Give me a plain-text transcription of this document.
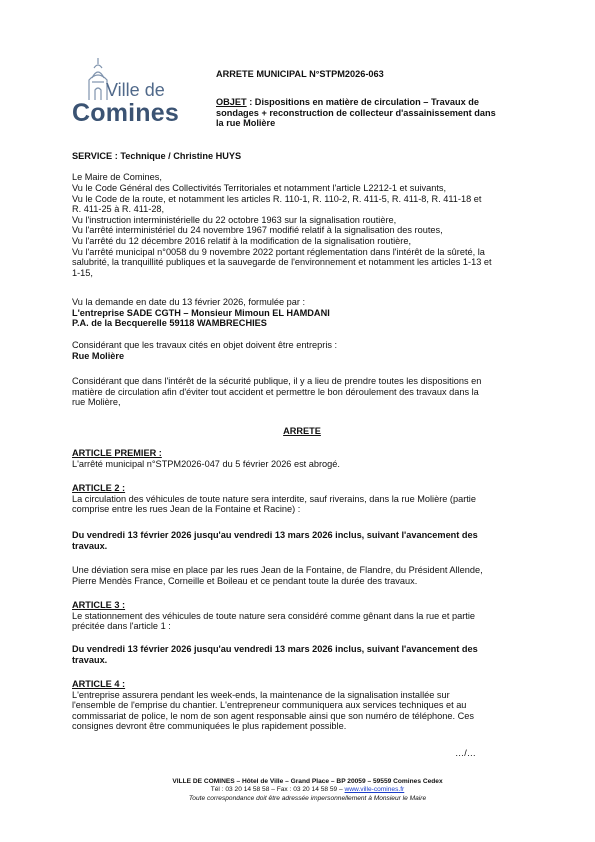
Ville de
Comines
ARRETE MUNICIPAL N°STPM2026-063
OBJET : Dispositions en matière de circulation – Travaux de
sondages + reconstruction de collecteur d'assainissement dans
la rue Molière
SERVICE : Technique / Christine HUYS
Le Maire de Comines,
Vu le Code Général des Collectivités Territoriales et notamment l'article L2212-1 et suivants,
Vu le Code de la route, et notamment les articles R. 110-1, R. 110-2, R. 411-5, R. 411-8, R. 411-18 et
R. 411-25 à R. 411-28,
Vu l'instruction interministérielle du 22 octobre 1963 sur la signalisation routière,
Vu l'arrêté interministériel du 24 novembre 1967 modifié relatif à la signalisation des routes,
Vu l'arrêté du 12 décembre 2016 relatif à la modification de la signalisation routière,
Vu l'arrêté municipal n°0058 du 9 novembre 2022 portant réglementation dans l'intérêt de la sûreté, la
salubrité, la tranquillité publiques et la sauvegarde de l'environnement et notamment les articles 1-13 et
1-15,
Vu la demande en date du 13 février 2026, formulée par :
L'entreprise SADE CGTH – Monsieur Mimoun EL HAMDANI
P.A. de la Becquerelle 59118 WAMBRECHIES
Considérant que les travaux cités en objet doivent être entrepris :
Rue Molière
Considérant que dans l'intérêt de la sécurité publique, il y a lieu de prendre toutes les dispositions en
matière de circulation afin d'éviter tout accident et permettre le bon déroulement des travaux dans la
rue Molière,
ARRETE
ARTICLE PREMIER :
L'arrêté municipal n°STPM2026-047 du 5 février 2026 est abrogé.
ARTICLE 2 :
La circulation des véhicules de toute nature sera interdite, sauf riverains, dans la rue Molière (partie
comprise entre les rues Jean de la Fontaine et Racine) :
Du vendredi 13 février 2026 jusqu'au vendredi 13 mars 2026 inclus, suivant l'avancement des
travaux.
Une déviation sera mise en place par les rues Jean de la Fontaine, de Flandre, du Président Allende,
Pierre Mendès France, Corneille et Boileau et ce pendant toute la durée des travaux.
ARTICLE 3 :
Le stationnement des véhicules de toute nature sera considéré comme gênant dans la rue et partie
précitée dans l'article 1 :
Du vendredi 13 février 2026 jusqu'au vendredi 13 mars 2026 inclus, suivant l'avancement des
travaux.
ARTICLE 4 :
L'entreprise assurera pendant les week-ends, la maintenance de la signalisation installée sur
l'ensemble de l'emprise du chantier. L'entrepreneur communiquera aux services techniques et au
commissariat de police, le nom de son agent responsable ainsi que son numéro de téléphone. Ces
consignes devront être communiquées le plus rapidement possible.
…/…
VILLE DE COMINES – Hôtel de Ville – Grand Place – BP 20059 – 59559 Comines Cedex
Tél : 03 20 14 58 58 – Fax : 03 20 14 58 59 – www.ville-comines.fr
Toute correspondance doit être adressée impersonnellement à Monsieur le Maire
